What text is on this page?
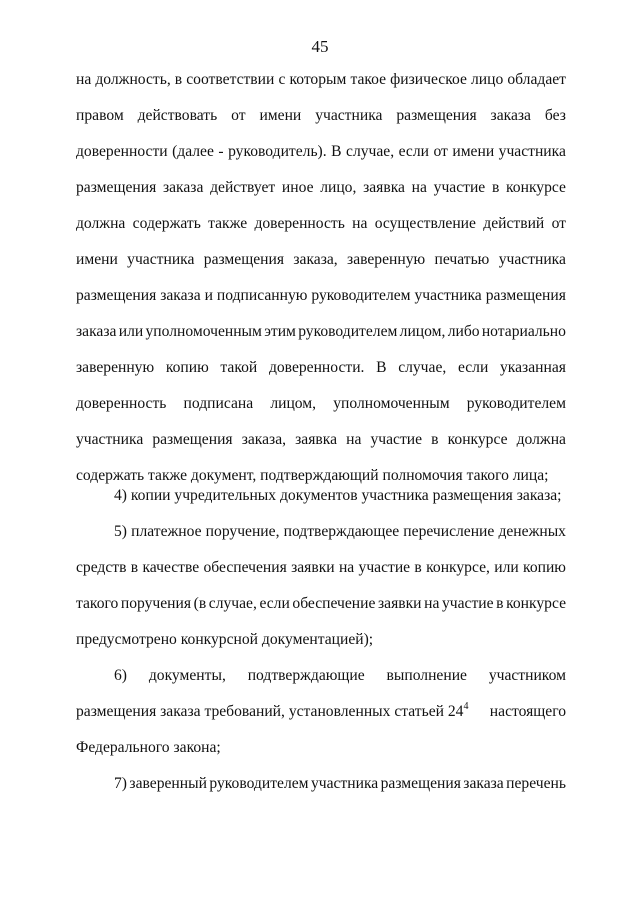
45
на должность, в соответствии с которым такое физическое лицо обладает
правом действовать от имени участника размещения заказа без
доверенности (далее - руководитель). В случае, если от имени участника
размещения заказа действует иное лицо, заявка на участие в конкурсе
должна содержать также доверенность на осуществление действий от
имени участника размещения заказа, заверенную печатью участника
размещения заказа и подписанную руководителем участника размещения
заказа или уполномоченным этим руководителем лицом, либо нотариально
заверенную копию такой доверенности. В случае, если указанная
доверенность подписана лицом, уполномоченным руководителем
участника размещения заказа, заявка на участие в конкурсе должна
содержать также документ, подтверждающий полномочия такого лица;
4) копии учредительных документов участника размещения заказа;
5) платежное поручение, подтверждающее перечисление денежных
средств в качестве обеспечения заявки на участие в конкурсе, или копию
такого поручения (в случае, если обеспечение заявки на участие в конкурсе
предусмотрено конкурсной документацией);
6) документы, подтверждающие выполнение участником
размещения заказа требований, установленных статьей $24^4$ настоящего
Федерального закона;
7) заверенный руководителем участника размещения заказа перечень
